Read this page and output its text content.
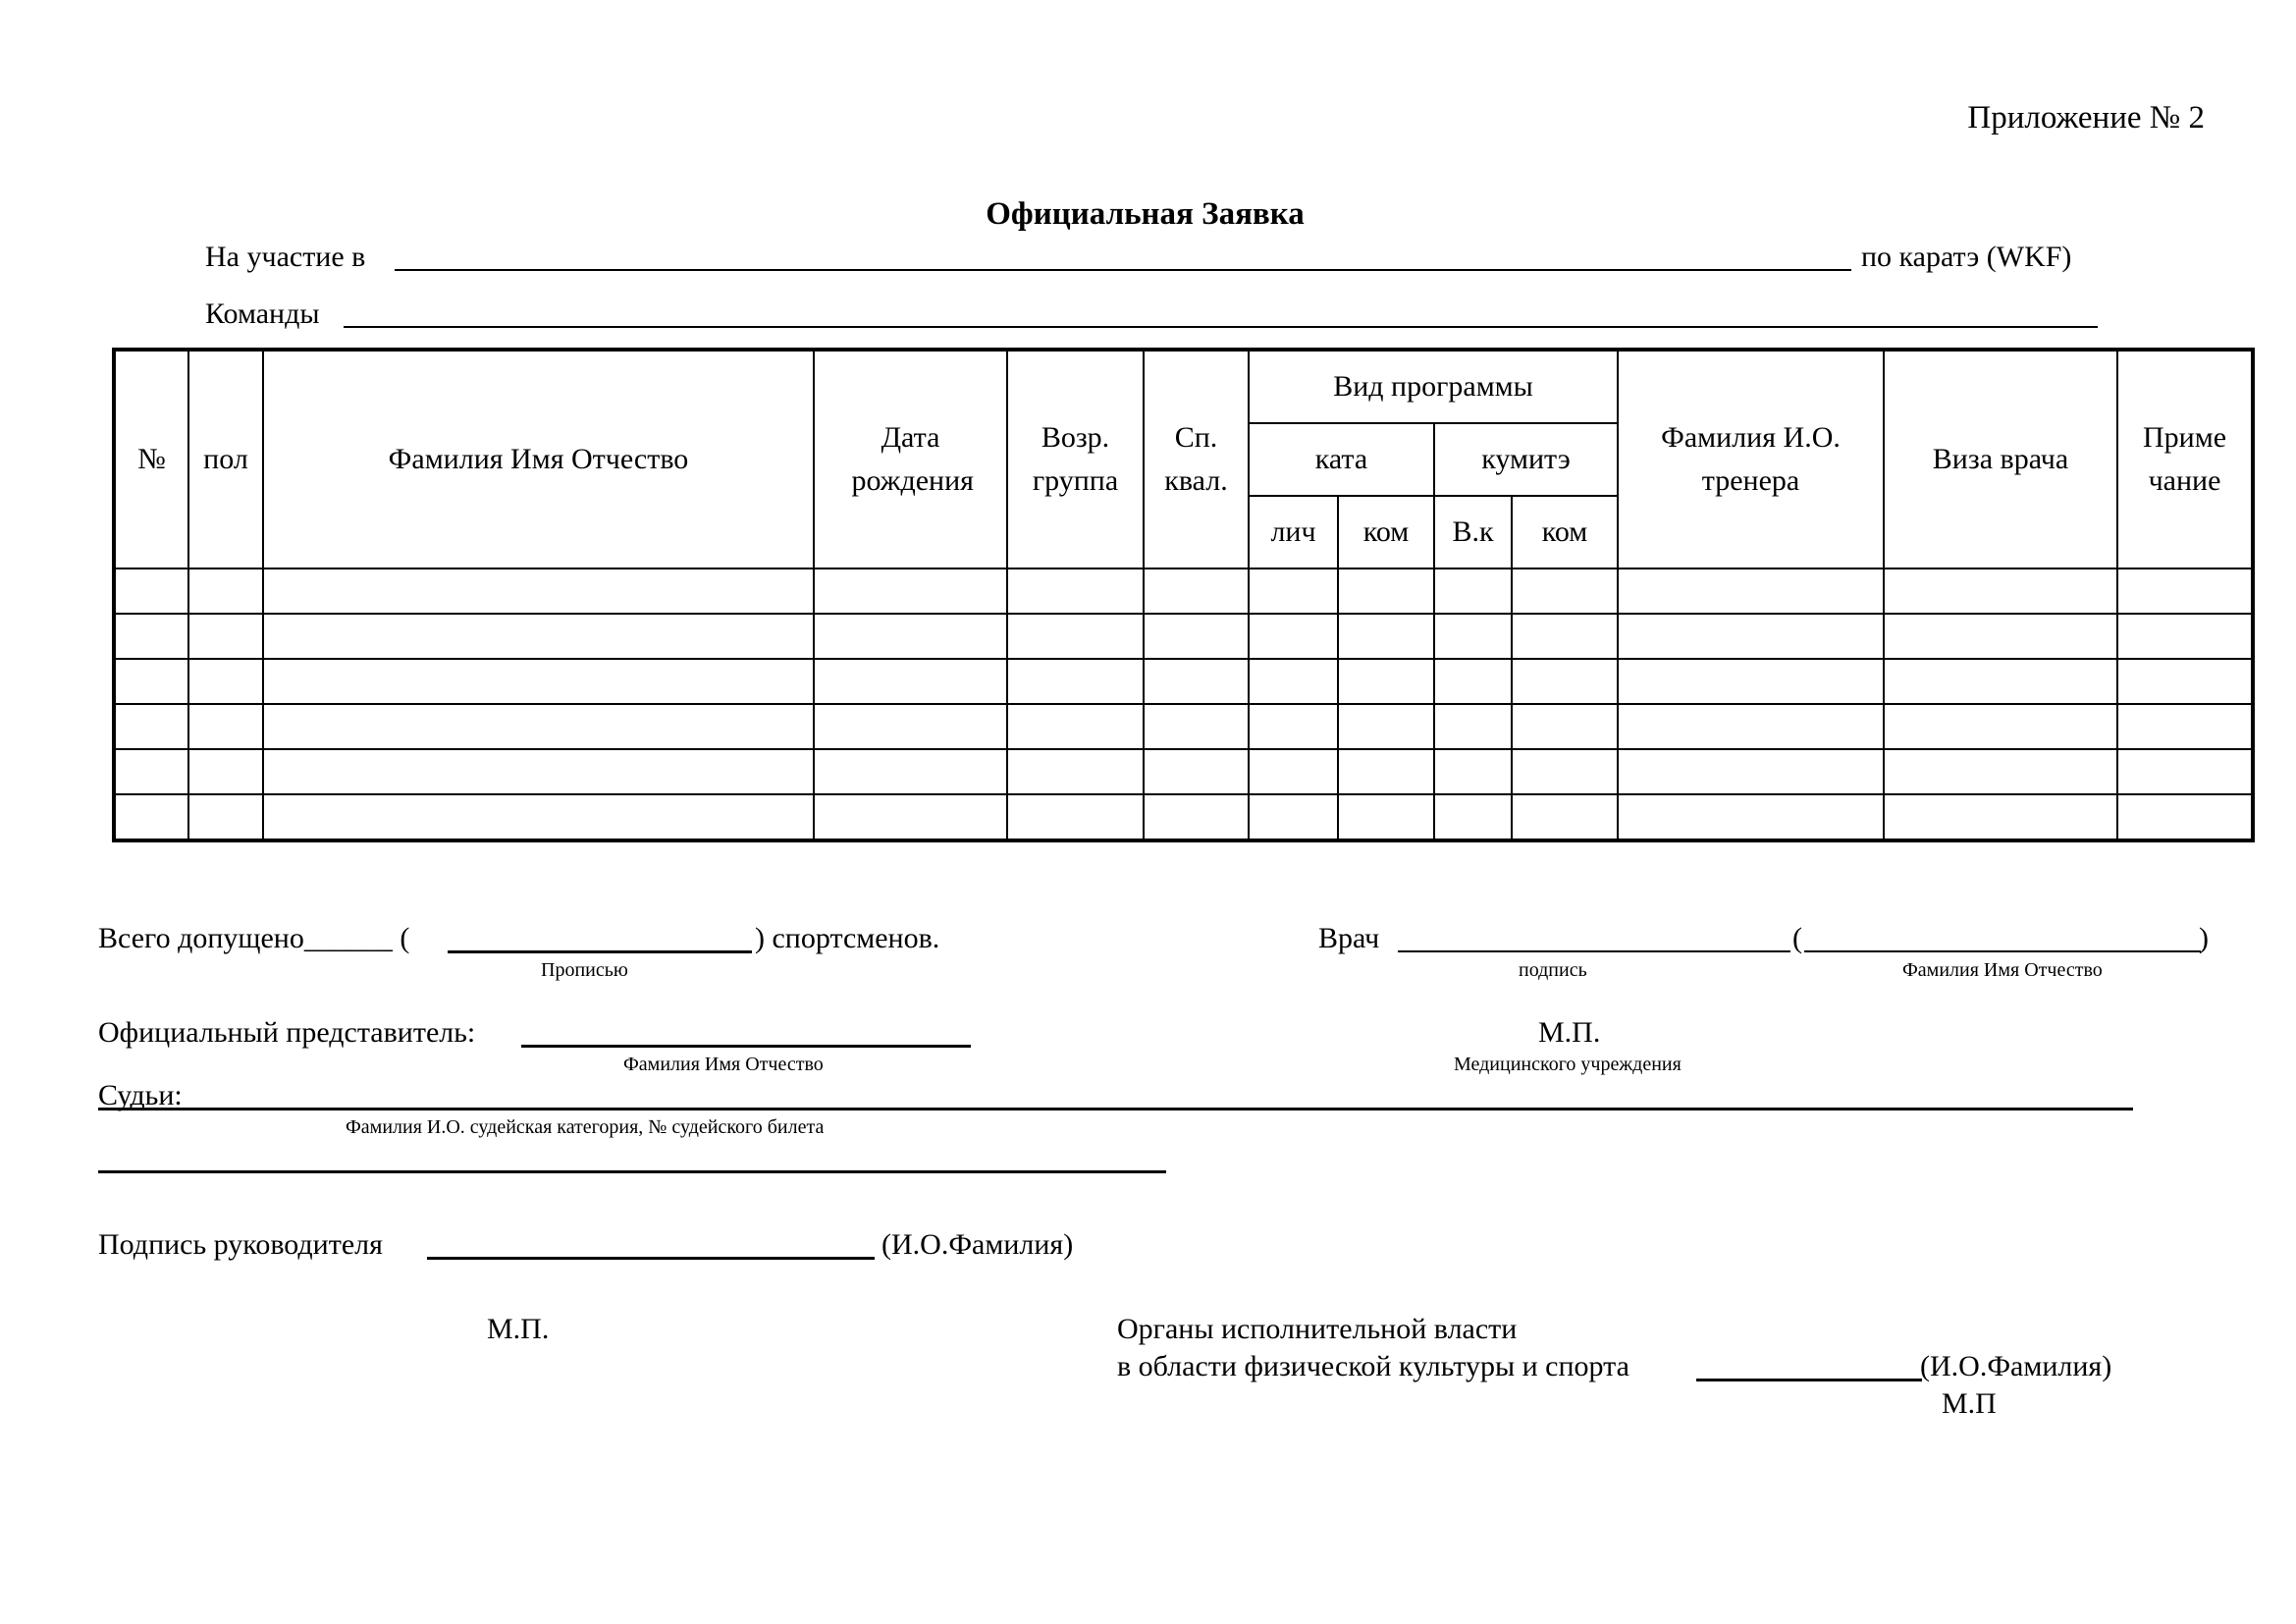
Приложение № 2
Официальная Заявка
На участие в	по каратэ (WKF)
Команды
№	пол	Фамилия Имя Отчество	Дата рождения	Возр. группа	Сп. квал.	Вид программы				Фамилия И.О. тренера	Виза врача	Приме чание

						ката		кумитэ				
						лич	ком	В.к	ком			

Всего допущено______ (	) спортсменов.
Прописью
Врач	(	)
подпись	Фамилия Имя Отчество
Официальный представитель:
Фамилия Имя Отчество
М.П.
Медицинского учреждения
Судьи:
Фамилия И.О. судейская категория, № судейского билета
Подпись руководителя	(И.О.Фамилия)
М.П.	Органы исполнительной власти
в области физической культуры и спорта	(И.О.Фамилия)
М.П
